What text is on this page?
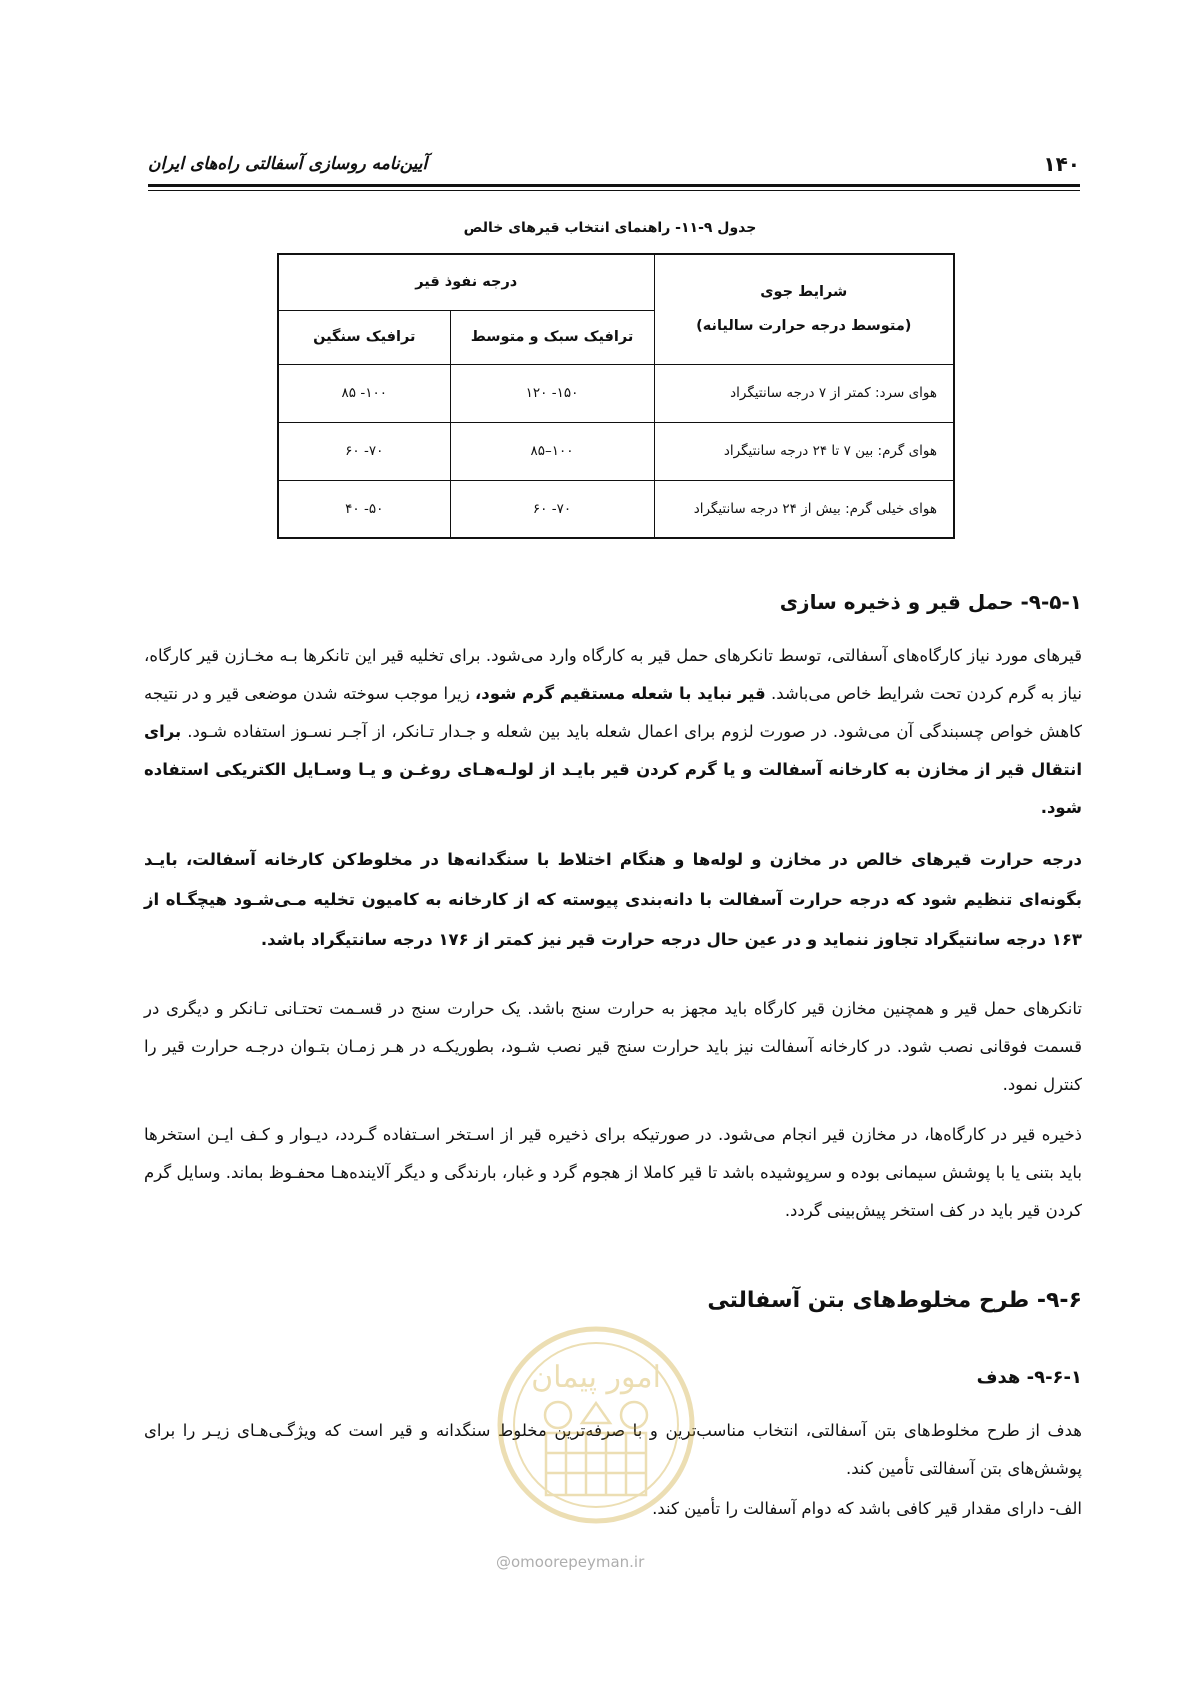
۱۴۰
آیین‌نامه روسازی آسفالتی راه‌های ایران
جدول ۹-۱۱- راهنمای انتخاب قیرهای خالص
شرایط جوی
(متوسط درجه حرارت سالیانه)	درجه نفوذ قیر	
	ترافیک سبک و متوسط	ترافیک سنگین
هوای سرد: کمتر از ۷ درجه سانتیگراد	۱۵۰- ۱۲۰	۱۰۰- ۸۵
هوای گرم: بین ۷ تا ۲۴ درجه سانتیگراد	۱۰۰–۸۵	۷۰- ۶۰
هوای خیلی گرم: بیش از ۲۴ درجه سانتیگراد	۷۰- ۶۰	۵۰- ۴۰
۹-۵-۱- حمل قیر و ذخیره سازی

قیرهای مورد نیاز کارگاه‌های آسفالتی، توسط تانکرهای حمل قیر به کارگاه وارد می‌شود. برای تخلیه قیر این تانکرها بـه مخـازن قیر کارگاه، نیاز به گرم کردن تحت شرایط خاص می‌باشد. قیر نباید با شعله مستقیم گرم شود، زیرا موجب سوخته شدن موضعی قیر و در نتیجه کاهش خواص چسبندگی آن می‌شود. در صورت لزوم برای اعمال شعله باید بین شعله و جـدار تـانکر، از آجـر نسـوز استفاده شـود. برای انتقال قیر از مخازن به کارخانه آسفالت و یا گرم کردن قیر بایـد از لولـه‌هـای روغـن و یـا وسـایل الکتریکی استفاده شود.

درجه حرارت قیرهای خالص در مخازن و لوله‌ها و هنگام اختلاط با سنگدانه‌ها در مخلوط‌کن کارخانه آسفالت، بایـد بگونه‌ای تنظیم شود که درجه حرارت آسفالت با دانه‌بندی پیوسته که از کارخانه به کامیون تخلیه مـی‌شـود هیچگـاه از ۱۶۳ درجه سانتیگراد تجاوز ننماید و در عین حال درجه حرارت قیر نیز کمتر از ۱۷۶ درجه سانتیگراد باشد.

تانکرهای حمل قیر و همچنین مخازن قیر کارگاه باید مجهز به حرارت سنج باشد. یک حرارت سنج در قسـمت تحتـانی تـانکر و دیگری در قسمت فوقانی نصب شود. در کارخانه آسفالت نیز باید حرارت سنج قیر نصب شـود، بطوریکـه در هـر زمـان بتـوان درجـه حرارت قیر را کنترل نمود.

ذخیره قیر در کارگاه‌ها، در مخازن قیر انجام می‌شود. در صورتیکه برای ذخیره قیر از اسـتخر اسـتفاده گـردد، دیـوار و کـف ایـن استخرها باید بتنی یا با پوشش سیمانی بوده و سرپوشیده باشد تا قیر کاملا از هجوم گرد و غبار، بارندگی و دیگر آلاینده‌هـا محفـوظ بماند. وسایل گرم کردن قیر باید در کف استخر پیش‌بینی گردد.

۹-۶- طرح مخلوط‌های بتن آسفالتی
۹-۶-۱- هدف

هدف از طرح مخلوط‌های بتن آسفالتی، انتخاب مناسب‌ترین و با صرفه‌ترین مخلوط سنگدانه و قیر است که ویژگـی‌هـای زیـر را برای پوشش‌های بتن آسفالتی تأمین کند.

الف- دارای مقدار قیر کافی باشد که دوام آسفالت را تأمین کند.

امور پیمان
@omoorepeyman.ir
